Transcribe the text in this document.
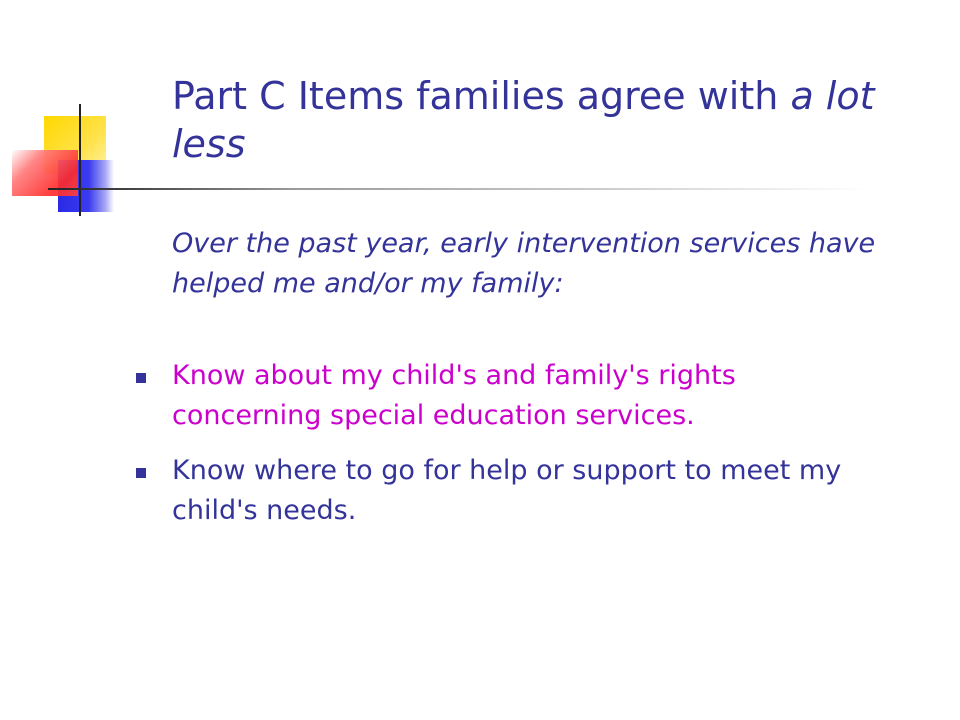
Part C Items families agree with a lot less

Over the past year, early intervention services have helped me and/or my family:

Know about my child's and family's rights concerning special education services.
Know where to go for help or support to meet my child's needs.
